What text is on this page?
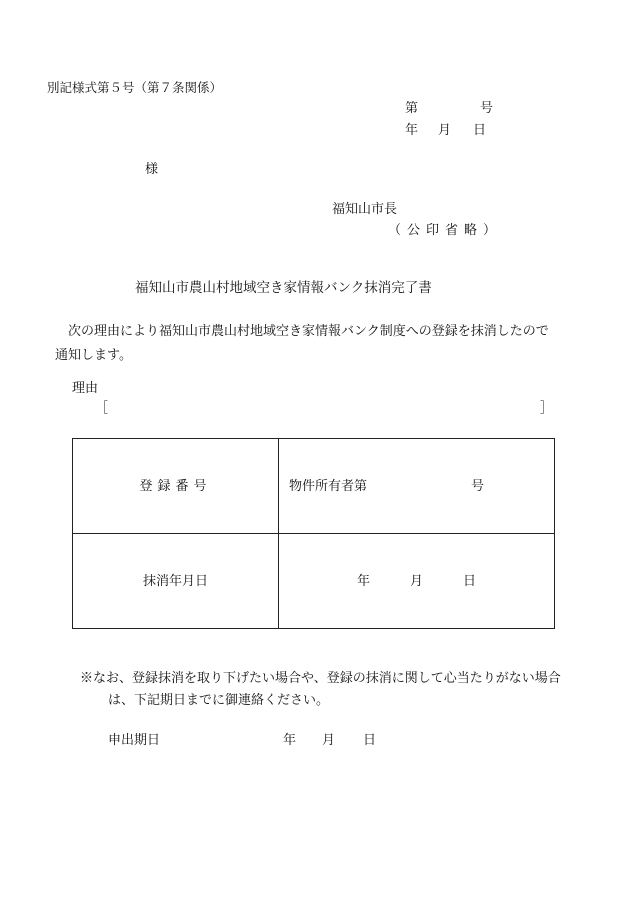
別記様式第５号（第７条関係）
第	号
年 月 日
様
福知山市長
（公印省略）
福知山市農山村地域空き家情報バンク抹消完了書
次の理由により福知山市農山村地域空き家情報バンク制度への登録を抹消したので通知します。
理由
［	］
登録番号	物件所有者第 号
抹消年月日	年 月 日
※なお、登録抹消を取り下げたい場合や、登録の抹消に関して心当たりがない場合
は、下記期日までに御連絡ください。
申出期日	年 月 日
